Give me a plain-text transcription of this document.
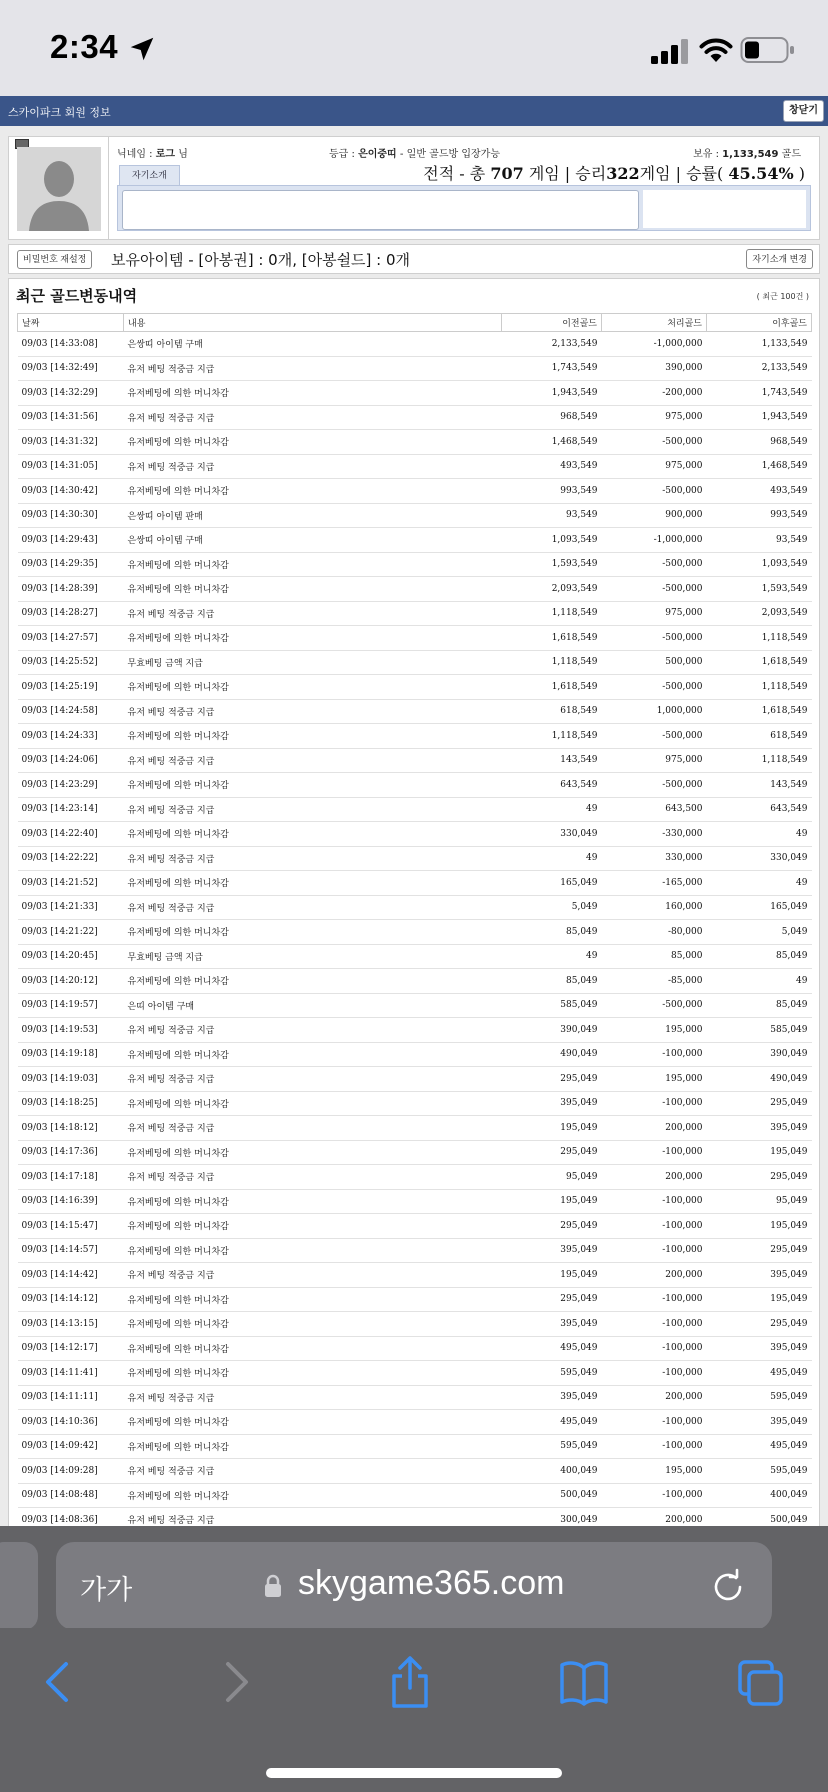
2:34
스카이파크 회원 정보	창닫기
닉네임 : 로그 님	등급 : 은이중띠 - 일반 골드방 입장가능	보유 : 1,133,549 골드
자기소개	전적 - 총 707 게임 | 승리322게임 | 승률( 45.54% )
비밀번호 재설정	보유아이템 - [아봉권] : 0개, [아봉쉴드] : 0개	자기소개 변경
최근 골드변동내역	( 최근 100건 )
날짜	내용	이전골드	처리골드	이후골드
09/03 [14:33:08]	은쌍띠 아이템 구매	2,133,549	-1,000,000	1,133,549
09/03 [14:32:49]	유저 베팅 적중금 지급	1,743,549	390,000	2,133,549
09/03 [14:32:29]	유저베팅에 의한 머니차감	1,943,549	-200,000	1,743,549
09/03 [14:31:56]	유저 베팅 적중금 지급	968,549	975,000	1,943,549
09/03 [14:31:32]	유저베팅에 의한 머니차감	1,468,549	-500,000	968,549
09/03 [14:31:05]	유저 베팅 적중금 지급	493,549	975,000	1,468,549
09/03 [14:30:42]	유저베팅에 의한 머니차감	993,549	-500,000	493,549
09/03 [14:30:30]	은쌍띠 아이템 판매	93,549	900,000	993,549
09/03 [14:29:43]	은쌍띠 아이템 구매	1,093,549	-1,000,000	93,549
09/03 [14:29:35]	유저베팅에 의한 머니차감	1,593,549	-500,000	1,093,549
09/03 [14:28:39]	유저베팅에 의한 머니차감	2,093,549	-500,000	1,593,549
09/03 [14:28:27]	유저 베팅 적중금 지급	1,118,549	975,000	2,093,549
09/03 [14:27:57]	유저베팅에 의한 머니차감	1,618,549	-500,000	1,118,549
09/03 [14:25:52]	무효베팅 금액 지급	1,118,549	500,000	1,618,549
09/03 [14:25:19]	유저베팅에 의한 머니차감	1,618,549	-500,000	1,118,549
09/03 [14:24:58]	유저 베팅 적중금 지급	618,549	1,000,000	1,618,549
09/03 [14:24:33]	유저베팅에 의한 머니차감	1,118,549	-500,000	618,549
09/03 [14:24:06]	유저 베팅 적중금 지급	143,549	975,000	1,118,549
09/03 [14:23:29]	유저베팅에 의한 머니차감	643,549	-500,000	143,549
09/03 [14:23:14]	유저 베팅 적중금 지급	49	643,500	643,549
09/03 [14:22:40]	유저베팅에 의한 머니차감	330,049	-330,000	49
09/03 [14:22:22]	유저 베팅 적중금 지급	49	330,000	330,049
09/03 [14:21:52]	유저베팅에 의한 머니차감	165,049	-165,000	49
09/03 [14:21:33]	유저 베팅 적중금 지급	5,049	160,000	165,049
09/03 [14:21:22]	유저베팅에 의한 머니차감	85,049	-80,000	5,049
09/03 [14:20:45]	무효베팅 금액 지급	49	85,000	85,049
09/03 [14:20:12]	유저베팅에 의한 머니차감	85,049	-85,000	49
09/03 [14:19:57]	은띠 아이템 구매	585,049	-500,000	85,049
09/03 [14:19:53]	유저 베팅 적중금 지급	390,049	195,000	585,049
09/03 [14:19:18]	유저베팅에 의한 머니차감	490,049	-100,000	390,049
09/03 [14:19:03]	유저 베팅 적중금 지급	295,049	195,000	490,049
09/03 [14:18:25]	유저베팅에 의한 머니차감	395,049	-100,000	295,049
09/03 [14:18:12]	유저 베팅 적중금 지급	195,049	200,000	395,049
09/03 [14:17:36]	유저베팅에 의한 머니차감	295,049	-100,000	195,049
09/03 [14:17:18]	유저 베팅 적중금 지급	95,049	200,000	295,049
09/03 [14:16:39]	유저베팅에 의한 머니차감	195,049	-100,000	95,049
09/03 [14:15:47]	유저베팅에 의한 머니차감	295,049	-100,000	195,049
09/03 [14:14:57]	유저베팅에 의한 머니차감	395,049	-100,000	295,049
09/03 [14:14:42]	유저 베팅 적중금 지급	195,049	200,000	395,049
09/03 [14:14:12]	유저베팅에 의한 머니차감	295,049	-100,000	195,049
09/03 [14:13:15]	유저베팅에 의한 머니차감	395,049	-100,000	295,049
09/03 [14:12:17]	유저베팅에 의한 머니차감	495,049	-100,000	395,049
09/03 [14:11:41]	유저베팅에 의한 머니차감	595,049	-100,000	495,049
09/03 [14:11:11]	유저 베팅 적중금 지급	395,049	200,000	595,049
09/03 [14:10:36]	유저베팅에 의한 머니차감	495,049	-100,000	395,049
09/03 [14:09:42]	유저베팅에 의한 머니차감	595,049	-100,000	495,049
09/03 [14:09:28]	유저 베팅 적중금 지급	400,049	195,000	595,049
09/03 [14:08:48]	유저베팅에 의한 머니차감	500,049	-100,000	400,049
09/03 [14:08:36]	유저 베팅 적중금 지급	300,049	200,000	500,049
가가	skygame365.com
